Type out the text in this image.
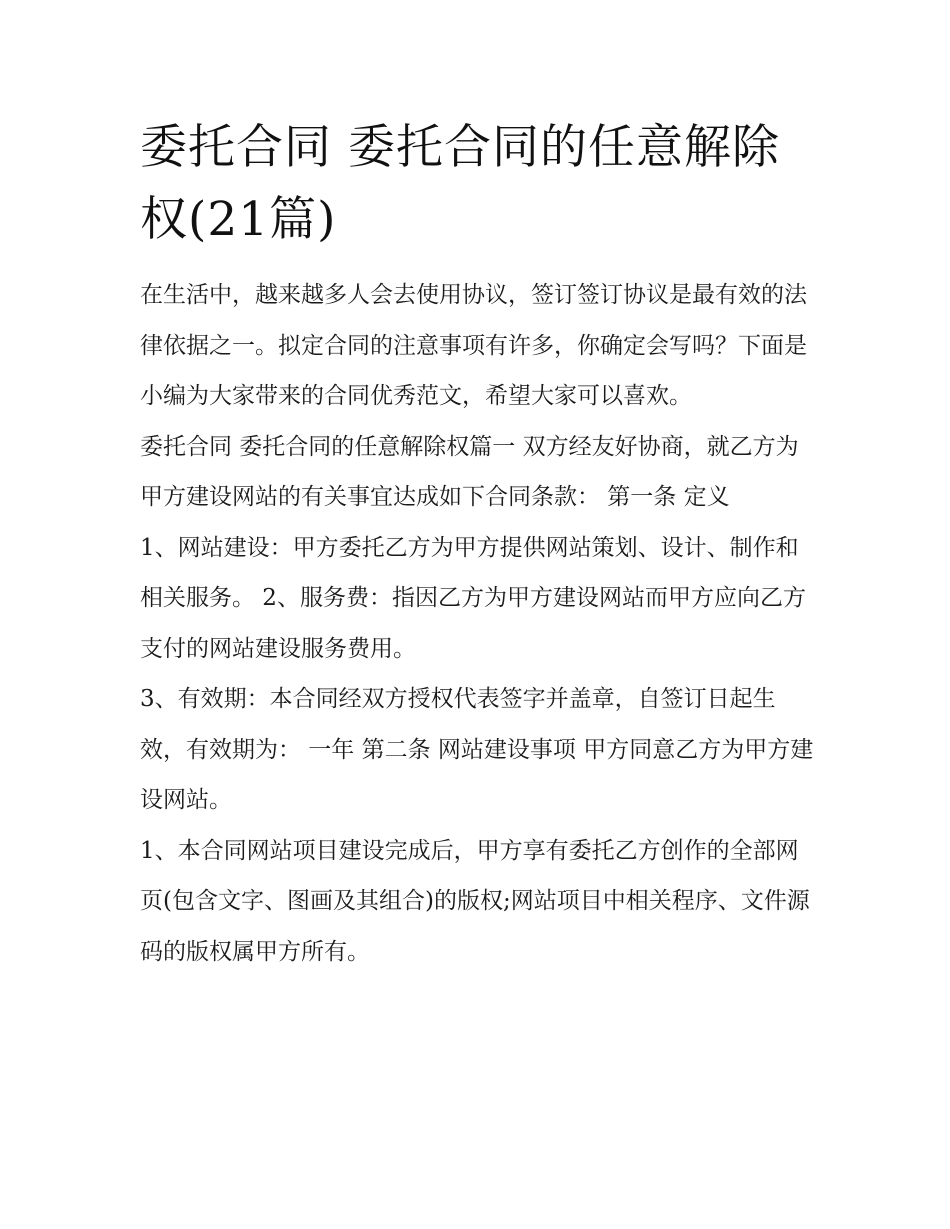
委托合同 委托合同的任意解除权(21篇)

在生活中，越来越多人会去使用协议，签订签订协议是最有效的法律依据之一。拟定合同的注意事项有许多，你确定会写吗？下面是小编为大家带来的合同优秀范文，希望大家可以喜欢。

委托合同 委托合同的任意解除权篇一 双方经友好协商，就乙方为甲方建设网站的有关事宜达成如下合同条款： 第一条 定义

1、网站建设：甲方委托乙方为甲方提供网站策划、设计、制作和相关服务。 2、服务费：指因乙方为甲方建设网站而甲方应向乙方支付的网站建设服务费用。

3、有效期：本合同经双方授权代表签字并盖章，自签订日起生效，有效期为： 一年 第二条 网站建设事项 甲方同意乙方为甲方建设网站。

1、本合同网站项目建设完成后，甲方享有委托乙方创作的全部网页(包含文字、图画及其组合)的版权;网站项目中相关程序、文件源码的版权属甲方所有。
